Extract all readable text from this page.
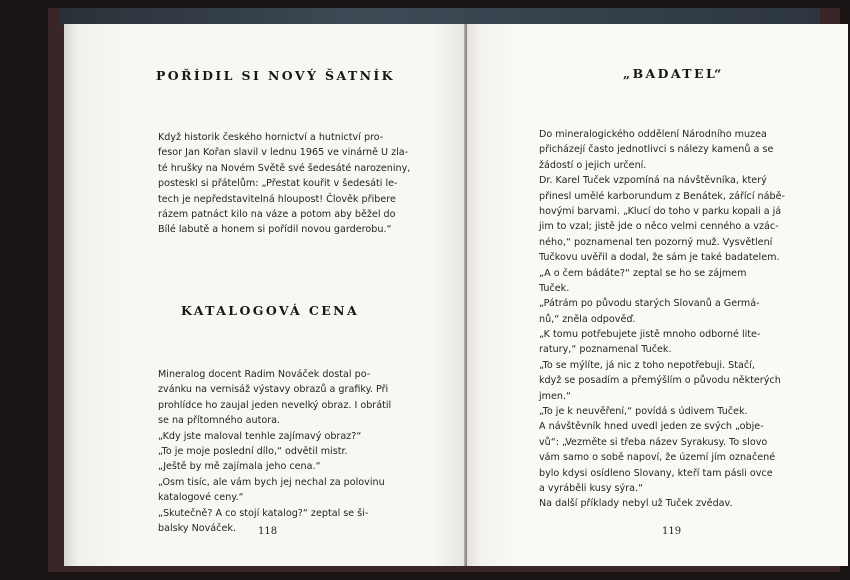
POŘÍDIL SI NOVÝ ŠATNÍK
Když historik českého hornictví a hutnictví pro-
fesor Jan Kořan slavil v lednu 1965 ve vinárně U zla-
té hrušky na Novém Světě své šedesáté narozeniny,
posteskl si přátelům: „Přestat kouřit v šedesáti le-
tech je nepředstavitelná hloupost! Člověk přibere
rázem patnáct kilo na váze a potom aby běžel do
Bílé labutě a honem si pořídil novou garderobu.“
KATALOGOVÁ CENA
Mineralog docent Radim Nováček dostal po-
zvánku na vernisáž výstavy obrazů a grafiky. Při
prohlídce ho zaujal jeden nevelký obraz. I obrátil
se na přítomného autora.
„Kdy jste maloval tenhle zajímavý obraz?“
„To je moje poslední dílo,“ odvětil mistr.
„Ještě by mě zajímala jeho cena.“
„Osm tisíc, ale vám bych jej nechal za polovinu
katalogové ceny.“
„Skutečně? A co stojí katalog?“ zeptal se ši-
balsky Nováček.	118
„BADATEL“
Do mineralogického oddělení Národního muzea
přicházejí často jednotlivci s nálezy kamenů a se
žádostí o jejich určení.
Dr. Karel Tuček vzpomíná na návštěvníka, který
přinesl umělé karborundum z Benátek, zářící nábě-
hovými barvami. „Klucí do toho v parku kopali a já
jim to vzal; jistě jde o něco velmi cenného a vzác-
ného,“ poznamenal ten pozorný muž. Vysvětlení
Tučkovu uvěřil a dodal, že sám je také badatelem.
„A o čem bádáte?“ zeptal se ho se zájmem
Tuček.
„Pátrám po původu starých Slovanů a Germá-
nů,“ zněla odpověď.
„K tomu potřebujete jistě mnoho odborné lite-
ratury,“ poznamenal Tuček.
„To se mýlíte, já nic z toho nepotřebuji. Stačí,
když se posadím a přemýšlím o původu některých
jmen.“
„To je k neuvěření,“ povídá s údivem Tuček.
A návštěvník hned uvedl jeden ze svých „obje-
vů“: „Vezměte si třeba název Syrakusy. To slovo
vám samo o sobě napoví, že území jím označené
bylo kdysi osídleno Slovany, kteří tam pásli ovce
a vyráběli kusy sýra.“
Na další příklady nebyl už Tuček zvědav.
119
